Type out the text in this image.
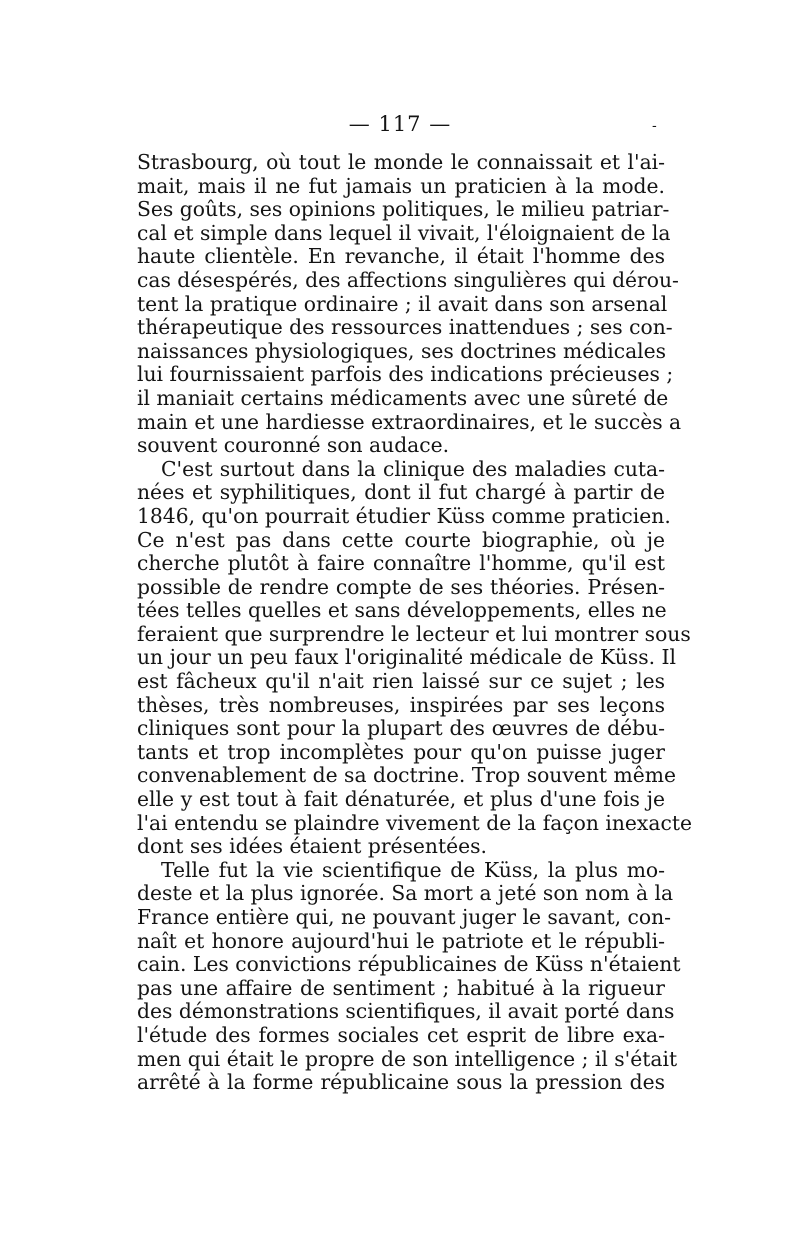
— 117 —	-
Strasbourg, où tout le monde le connaissait et l'ai-
mait, mais il ne fut jamais un praticien à la mode.
Ses goûts, ses opinions politiques, le milieu patriar-
cal et simple dans lequel il vivait, l'éloignaient de la
haute clientèle. En revanche, il était l'homme des
cas désespérés, des affections singulières qui dérou-
tent la pratique ordinaire ; il avait dans son arsenal
thérapeutique des ressources inattendues ; ses con-
naissances physiologiques, ses doctrines médicales
lui fournissaient parfois des indications précieuses ;
il maniait certains médicaments avec une sûreté de
main et une hardiesse extraordinaires, et le succès a
souvent couronné son audace.
C'est surtout dans la clinique des maladies cuta-
nées et syphilitiques, dont il fut chargé à partir de
1846, qu'on pourrait étudier Küss comme praticien.
Ce n'est pas dans cette courte biographie, où je
cherche plutôt à faire connaître l'homme, qu'il est
possible de rendre compte de ses théories. Présen-
tées telles quelles et sans développements, elles ne
feraient que surprendre le lecteur et lui montrer sous
un jour un peu faux l'originalité médicale de Küss. Il
est fâcheux qu'il n'ait rien laissé sur ce sujet ; les
thèses, très nombreuses, inspirées par ses leçons
cliniques sont pour la plupart des œuvres de débu-
tants et trop incomplètes pour qu'on puisse juger
convenablement de sa doctrine. Trop souvent même
elle y est tout à fait dénaturée, et plus d'une fois je
l'ai entendu se plaindre vivement de la façon inexacte
dont ses idées étaient présentées.
Telle fut la vie scientifique de Küss, la plus mo-
deste et la plus ignorée. Sa mort a jeté son nom à la
France entière qui, ne pouvant juger le savant, con-
naît et honore aujourd'hui le patriote et le républi-
cain. Les convictions républicaines de Küss n'étaient
pas une affaire de sentiment ; habitué à la rigueur
des démonstrations scientifiques, il avait porté dans
l'étude des formes sociales cet esprit de libre exa-
men qui était le propre de son intelligence ; il s'était
arrêté à la forme républicaine sous la pression des
